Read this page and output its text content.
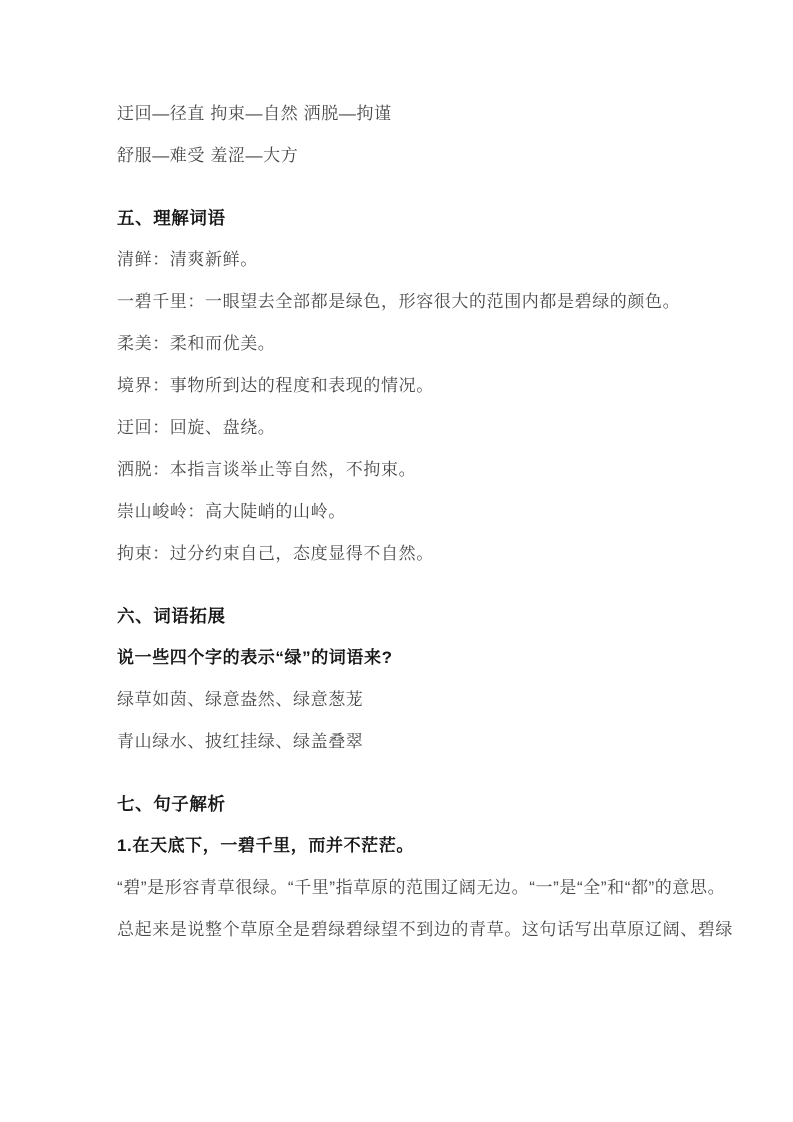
迂回—径直 拘束—自然 洒脱—拘谨

舒服—难受 羞涩—大方

五、理解词语

清鲜：清爽新鲜。

一碧千里：一眼望去全部都是绿色，形容很大的范围内都是碧绿的颜色。

柔美：柔和而优美。

境界：事物所到达的程度和表现的情况。

迂回：回旋、盘绕。

洒脱：本指言谈举止等自然，不拘束。

崇山峻岭：高大陡峭的山岭。

拘束：过分约束自己，态度显得不自然。

六、词语拓展

说一些四个字的表示“绿”的词语来?

绿草如茵、绿意盎然、绿意葱茏

青山绿水、披红挂绿、绿盖叠翠

七、句子解析

1.在天底下，一碧千里，而并不茫茫。

“碧”是形容青草很绿。“千里”指草原的范围辽阔无边。“一”是“全”和“都”的意思。

总起来是说整个草原全是碧绿碧绿望不到边的青草。这句话写出草原辽阔、碧绿
